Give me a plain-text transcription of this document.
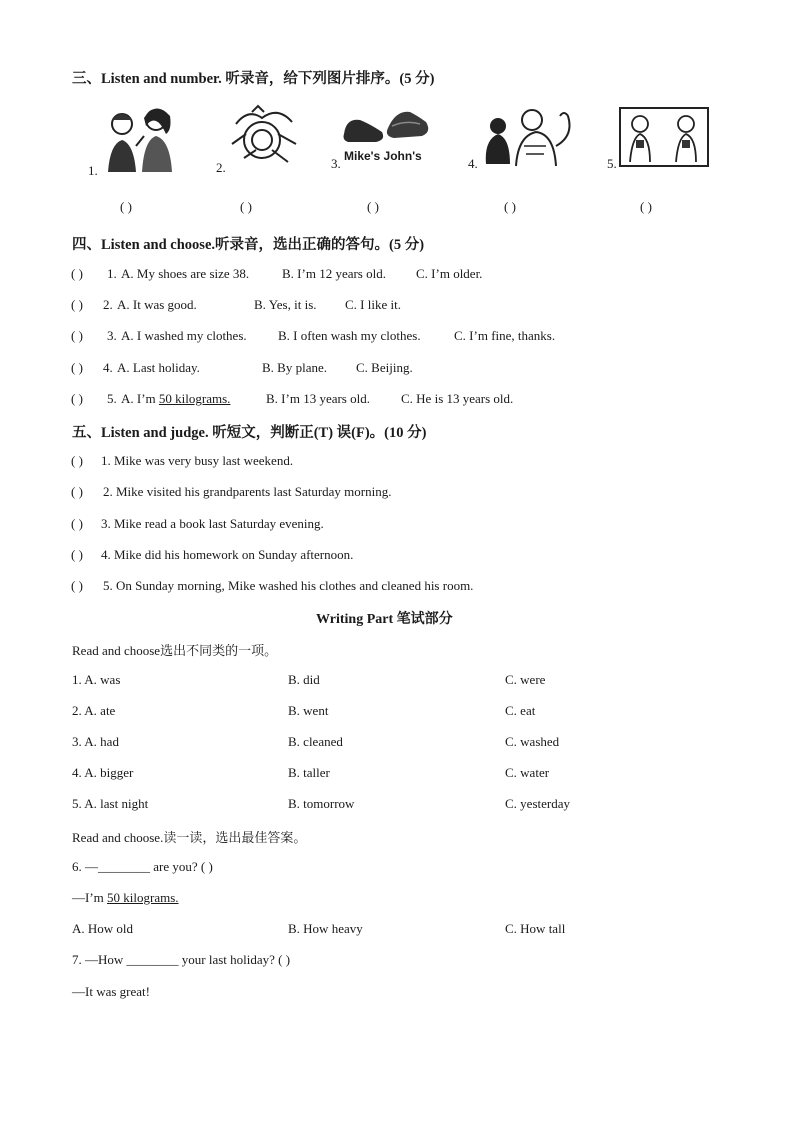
三、Listen and number. 听录音，给下列图片排序。(5 分)
1.	2.	3. Mike's John's	4.	5.
( )	( )	( )	( )	( )
四、Listen and choose.听录音，选出正确的答句。(5 分)
( ) 1. A. My shoes are size 38.	B. I’m 12 years old. C. I’m older.
( ) 2. A. It was good.	B. Yes, it is. C. I like it.
( ) 3. A. I washed my clothes. B. I often wash my clothes.	C. I’m fine, thanks.
( ) 4. A. Last holiday.	B. By plane. C. Beijing.
( ) 5. A. I’m 50 kilograms.	B. I’m 13 years old. C. He is 13 years old.
五、Listen and judge. 听短文，判断正(T) 误(F)。(10 分)
( ) 1. Mike was very busy last weekend.
( ) 2. Mike visited his grandparents last Saturday morning.
( ) 3. Mike read a book last Saturday evening.
( ) 4. Mike did his homework on Sunday afternoon.
( ) 5. On Sunday morning, Mike washed his clothes and cleaned his room.
Writing Part 笔试部分
Read and choose选出不同类的一项。
1. A. was	B. did	C. were
2. A. ate	B. went	C. eat
3. A. had	B. cleaned	C. washed
4. A. bigger	B. taller	C. water
5. A. last night	B. tomorrow	C. yesterday
Read and choose.读一读，选出最佳答案。
6. —________ are you? ( )
—I’m 50 kilograms.
A. How old	B. How heavy	C. How tall
7. —How ________ your last holiday? ( )
—It was great!
